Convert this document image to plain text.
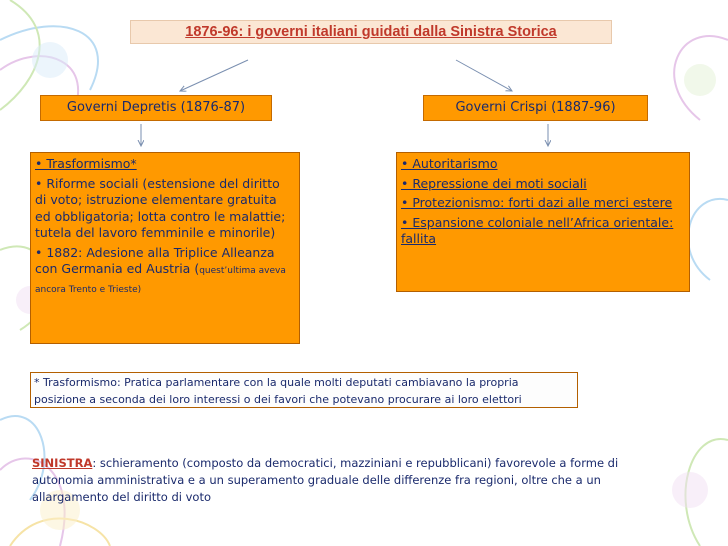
1876-96: i governi italiani guidati dalla Sinistra Storica
Governi Depretis (1876-87)	Governi Crispi (1887-96)

• Trasformismo*

• Riforme sociali (estensione del diritto di voto; istruzione elementare gratuita ed obbligatoria; lotta contro le malattie; tutela del lavoro femminile e minorile)

• 1882: Adesione alla Triplice Alleanza con Germania ed Austria (quest’ultima aveva ancora Trento e Trieste)

• Autoritarismo

• Repressione dei moti sociali

• Protezionismo: forti dazi alle merci estere

• Espansione coloniale nell’Africa orientale: fallita

* Trasformismo: Pratica parlamentare con la quale molti deputati cambiavano la propria
posizione a seconda dei loro interessi o dei favori che potevano procurare ai loro elettori
SINISTRA: schieramento (composto da democratici, mazziniani e repubblicani) favorevole a forme di autonomia amministrativa e a un superamento graduale delle differenze fra regioni, oltre che a un allargamento del diritto di voto
